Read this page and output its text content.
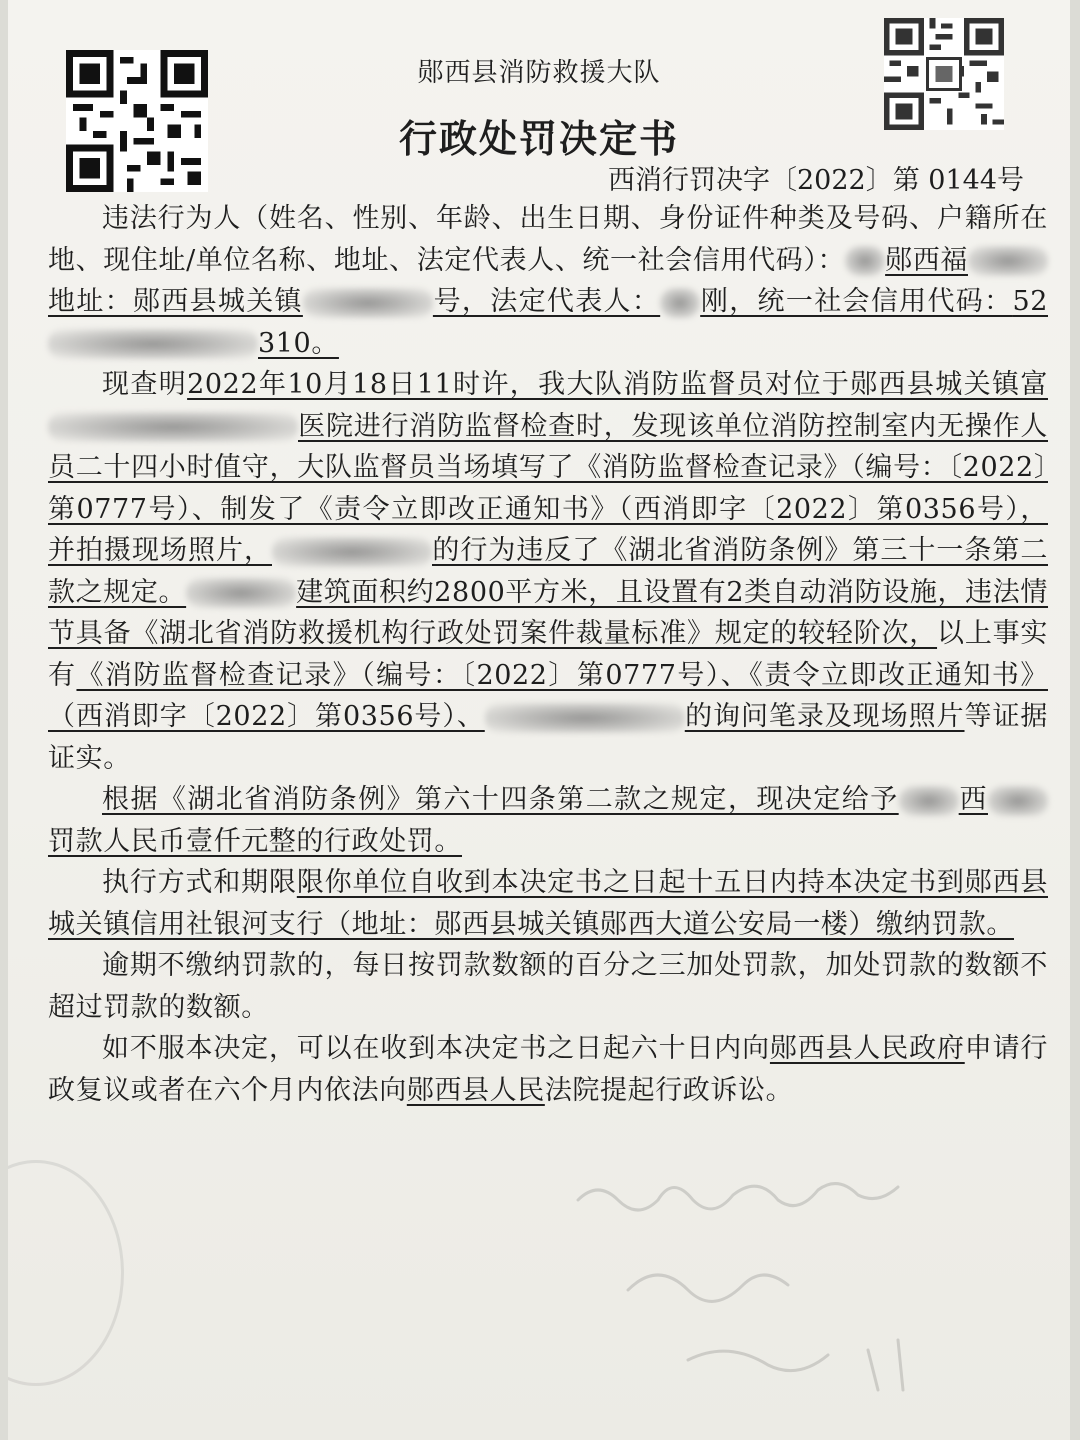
郧西县消防救援大队
行政处罚决定书
西消行罚决字〔2022〕第 0144号

违法行为人（姓名、性别、年龄、出生日期、身份证件种类及号码、户籍所在地、现住址/单位名称、地址、法定代表人、统一社会信用代码）： 郧西福地址：郧西县城关镇	号，法定代表人： 刚，统一社会信用代码：52310。

现查明2022年10月18日11时许，我大队消防监督员对位于郧西县城关镇富医院进行消防监督检查时，发现该单位消防控制室内无操作人员二十四小时值守，大队监督员当场填写了《消防监督检查记录》（编号：〔2022〕第0777号）、制发了《责令立即改正通知书》（西消即字〔2022〕第0356号），并拍摄现场照片，	的行为违反了《湖北省消防条例》第三十一条第二款之规定。	建筑面积约2800平方米，且设置有2类自动消防设施，违法情节具备《湖北省消防救援机构行政处罚案件裁量标准》规定的较轻阶次，以上事实有《消防监督检查记录》（编号：〔2022〕第0777号）、《责令立即改正通知书》（西消即字〔2022〕第0356号）、	的询问笔录及现场照片等证据证实。

根据《湖北省消防条例》第六十四条第二款之规定，现决定给予 西罚款人民币壹仟元整的行政处罚。

执行方式和期限限你单位自收到本决定书之日起十五日内持本决定书到郧西县城关镇信用社银河支行（地址：郧西县城关镇郧西大道公安局一楼）缴纳罚款。

逾期不缴纳罚款的，每日按罚款数额的百分之三加处罚款，加处罚款的数额不超过罚款的数额。

如不服本决定，可以在收到本决定书之日起六十日内向郧西县人民政府申请行政复议或者在六个月内依法向郧西县人民法院提起行政诉讼。
